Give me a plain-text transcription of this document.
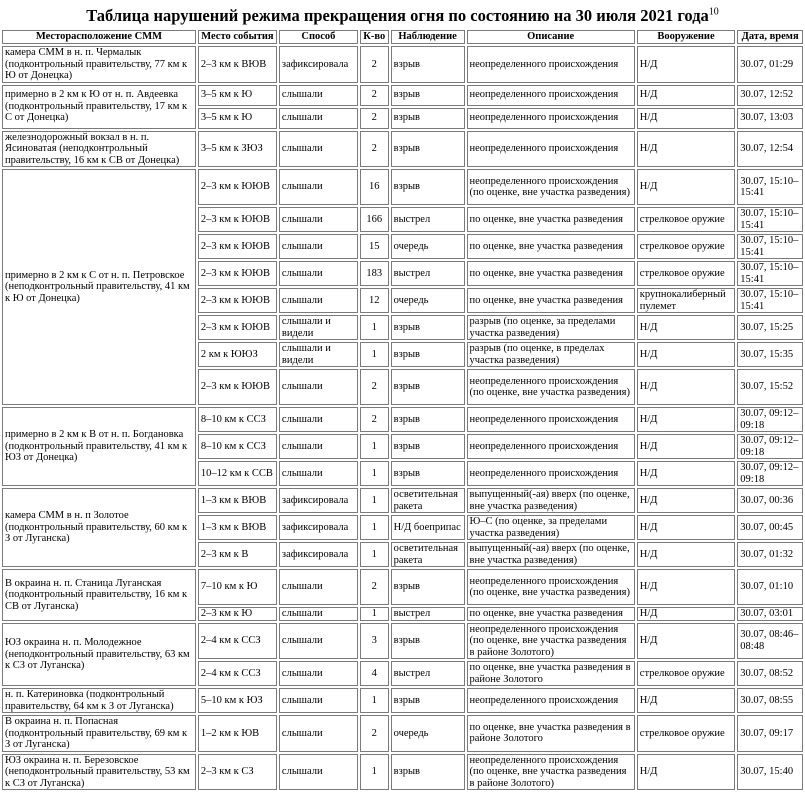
Таблица нарушений режима прекращения огня по состоянию на 30 июля 2021 года$^{10}$
Месторасположение СММ	Место события	Способ	К-во	Наблюдение	Описание	Вооружение	Дата, время
камера СММ в н. п. Чермалык (подконтрольный правительству, 77 км к Ю от Донецка)	2–3 км к ВЮВ	зафиксировала	2	взрыв	неопределенного происхождения	Н/Д	30.07, 01:29
примерно в 2 км к Ю от н. п. Авдеевка (подконтрольный правительству, 17 км к С от Донецка)	3–5 км к Ю	слышали	2	взрыв	неопределенного происхождения	Н/Д	30.07, 12:52
	3–5 км к Ю	слышали	2	взрыв	неопределенного происхождения	Н/Д	30.07, 13:03
железнодорожный вокзал в н. п. Ясиноватая (неподконтрольный правительству, 16 км к СВ от Донецка)	3–5 км к ЗЮЗ	слышали	2	взрыв	неопределенного происхождения	Н/Д	30.07, 12:54
примерно в 2 км к С от н. п. Петровское (неподконтрольный правительству, 41 км к Ю от Донецка)	2–3 км к ЮЮВ	слышали	16	взрыв	неопределенного происхождения (по оценке, вне участка разведения)	Н/Д	30.07, 15:10–15:41
	2–3 км к ЮЮВ	слышали	166	выстрел	по оценке, вне участка разведения	стрелковое оружие	30.07, 15:10–15:41
	2–3 км к ЮЮВ	слышали	15	очередь	по оценке, вне участка разведения	стрелковое оружие	30.07, 15:10–15:41
	2–3 км к ЮЮВ	слышали	183	выстрел	по оценке, вне участка разведения	стрелковое оружие	30.07, 15:10–15:41
	2–3 км к ЮЮВ	слышали	12	очередь	по оценке, вне участка разведения	крупнокалиберный пулемет	30.07, 15:10–15:41
	2–3 км к ЮЮВ	слышали и видели	1	взрыв	разрыв (по оценке, за пределами участка разведения)	Н/Д	30.07, 15:25
	2 км к ЮЮЗ	слышали и видели	1	взрыв	разрыв (по оценке, в пределах участка разведения)	Н/Д	30.07, 15:35
	2–3 км к ЮЮВ	слышали	2	взрыв	неопределенного происхождения (по оценке, вне участка разведения)	Н/Д	30.07, 15:52
примерно в 2 км к В от н. п. Богдановка (подконтрольный правительству, 41 км к ЮЗ от Донецка)	8–10 км к ССЗ	слышали	2	взрыв	неопределенного происхождения	Н/Д	30.07, 09:12–09:18
	8–10 км к ССЗ	слышали	1	взрыв	неопределенного происхождения	Н/Д	30.07, 09:12–09:18
	10–12 км к ССВ	слышали	1	взрыв	неопределенного происхождения	Н/Д	30.07, 09:12–09:18
камера СММ в н. п Золотое (подконтрольный правительству, 60 км к З от Луганска)	1–3 км к ВЮВ	зафиксировала	1	осветительная ракета	выпущенный(-ая) вверх (по оценке, вне участка разведения)	Н/Д	30.07, 00:36
	1–3 км к ВЮВ	зафиксировала	1	Н/Д боеприпас	Ю–С (по оценке, за пределами участка разведения)	Н/Д	30.07, 00:45
	2–3 км к В	зафиксировала	1	осветительная ракета	выпущенный(-ая) вверх (по оценке, вне участка разведения)	Н/Д	30.07, 01:32
В окраина н. п. Станица Луганская (подконтрольный правительству, 16 км к СВ от Луганска)	7–10 км к Ю	слышали	2	взрыв	неопределенного происхождения (по оценке, вне участка разведения)	Н/Д	30.07, 01:10
	2–3 км к Ю	слышали	1	выстрел	по оценке, вне участка разведения	Н/Д	30.07, 03:01
ЮЗ окраина н. п. Молодежное (неподконтрольный правительству, 63 км к СЗ от Луганска)	2–4 км к ССЗ	слышали	3	взрыв	неопределенного происхождения (по оценке, вне участка разведения в районе Золотого)	Н/Д	30.07, 08:46–08:48
	2–4 км к ССЗ	слышали	4	выстрел	по оценке, вне участка разведения в районе Золотого	стрелковое оружие	30.07, 08:52
н. п. Катериновка (подконтрольный правительству, 64 км к З от Луганска)	5–10 км к ЮЗ	слышали	1	взрыв	неопределенного происхождения	Н/Д	30.07, 08:55
В окраина н. п. Попасная (подконтрольный правительству, 69 км к З от Луганска)	1–2 км к ЮВ	слышали	2	очередь	по оценке, вне участка разведения в районе Золотого	стрелковое оружие	30.07, 09:17
ЮЗ окраина н. п. Березовское (неподконтрольный правительству, 53 км к СЗ от Луганска)	2–3 км к СЗ	слышали	1	взрыв	неопределенного происхождения (по оценке, вне участка разведения в районе Золотого)	Н/Д	30.07, 15:40
